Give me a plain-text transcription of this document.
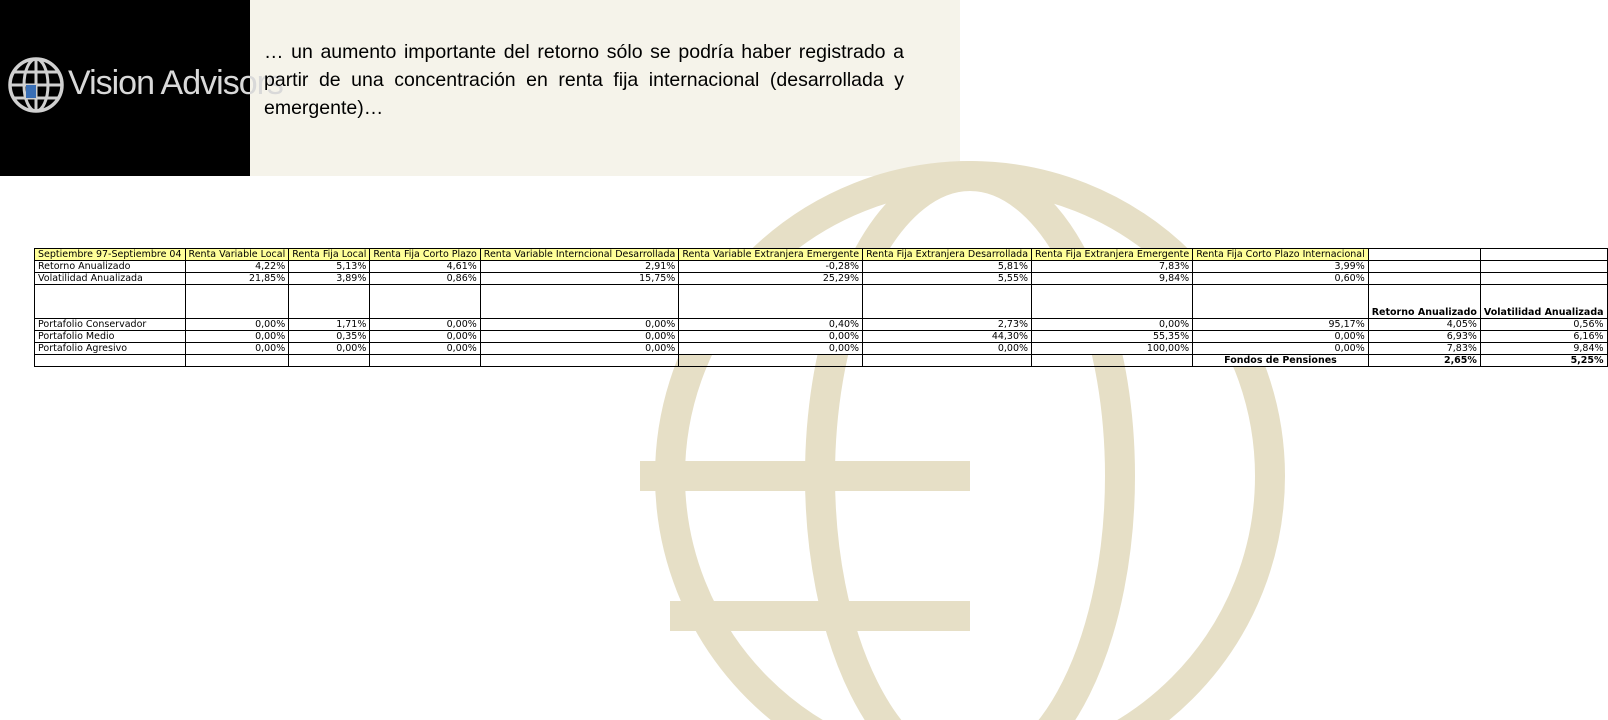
Vision Advisors
… un aumento importante del retorno sólo se podría haber registrado a partir de una concentración en renta fija internacional (desarrollada y emergente)…
Septiembre 97-Septiembre 04	Renta Variable Local	Renta Fija Local	Renta Fija Corto Plazo	Renta Variable Interncional Desarrollada	Renta Variable Extranjera Emergente	Renta Fija Extranjera Desarrollada	Renta Fija Extranjera Emergente	Renta Fija Corto Plazo Internacional		
Retorno Anualizado	4,22%	5,13%	4,61%	2,91%	-0,28%	5,81%	7,83%	3,99%		
Volatilidad Anualizada	21,85%	3,89%	0,86%	15,75%	25,29%	5,55%	9,84%	0,60%		
									Retorno Anualizado	Volatilidad Anualizada
Portafolio Conservador	0,00%	1,71%	0,00%	0,00%	0,40%	2,73%	0,00%	95,17%	4,05%	0,56%
Portafolio Medio	0,00%	0,35%	0,00%	0,00%	0,00%	44,30%	55,35%	0,00%	6,93%	6,16%
Portafolio Agresivo	0,00%	0,00%	0,00%	0,00%	0,00%	0,00%	100,00%	0,00%	7,83%	9,84%
								Fondos de Pensiones	2,65%	5,25%
